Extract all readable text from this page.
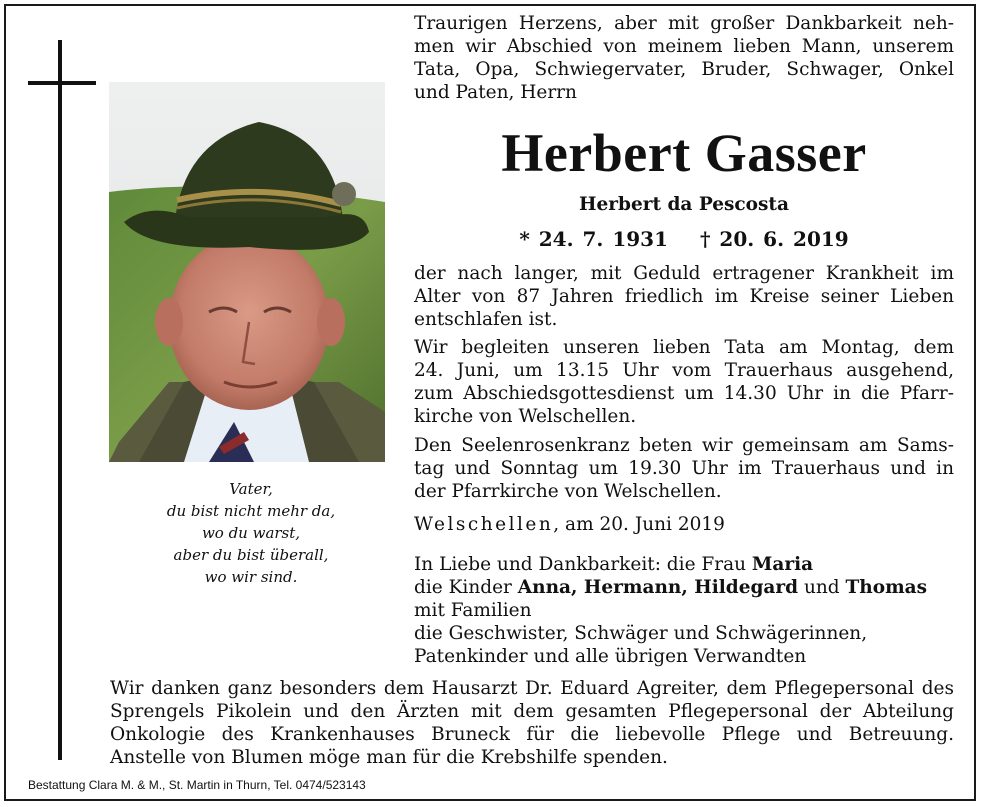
Vater,
du bist nicht mehr da,
wo du warst,
aber du bist überall,
wo wir sind.
Traurigen Herzens, aber mit großer Dankbarkeit neh-
men wir Abschied von meinem lieben Mann, unserem
Tata, Opa, Schwiegervater, Bruder, Schwager, Onkel
und Paten, Herrn
Herbert Gasser
Herbert da Pescosta
* 24. 7. 1931 † 20. 6. 2019
der nach langer, mit Geduld ertragener Krankheit im
Alter von 87 Jahren friedlich im Kreise seiner Lieben
entschlafen ist.
Wir begleiten unseren lieben Tata am Montag, dem
24. Juni, um 13.15 Uhr vom Trauerhaus ausgehend,
zum Abschiedsgottesdienst um 14.30 Uhr in die Pfarr-
kirche von Welschellen.
Den Seelenrosenkranz beten wir gemeinsam am Sams-
tag und Sonntag um 19.30 Uhr im Trauerhaus und in
der Pfarrkirche von Welschellen.
Welschellen, am 20. Juni 2019
In Liebe und Dankbarkeit: die Frau Maria
die Kinder Anna, Hermann, Hildegard und Thomas
mit Familien
die Geschwister, Schwäger und Schwägerinnen,
Patenkinder und alle übrigen Verwandten
Wir danken ganz besonders dem Hausarzt Dr. Eduard Agreiter, dem Pflegepersonal des
Sprengels Pikolein und den Ärzten mit dem gesamten Pflegepersonal der Abteilung
Onkologie des Krankenhauses Bruneck für die liebevolle Pflege und Betreuung.
Anstelle von Blumen möge man für die Krebshilfe spenden.
Bestattung Clara M. & M., St. Martin in Thurn, Tel. 0474/523143
